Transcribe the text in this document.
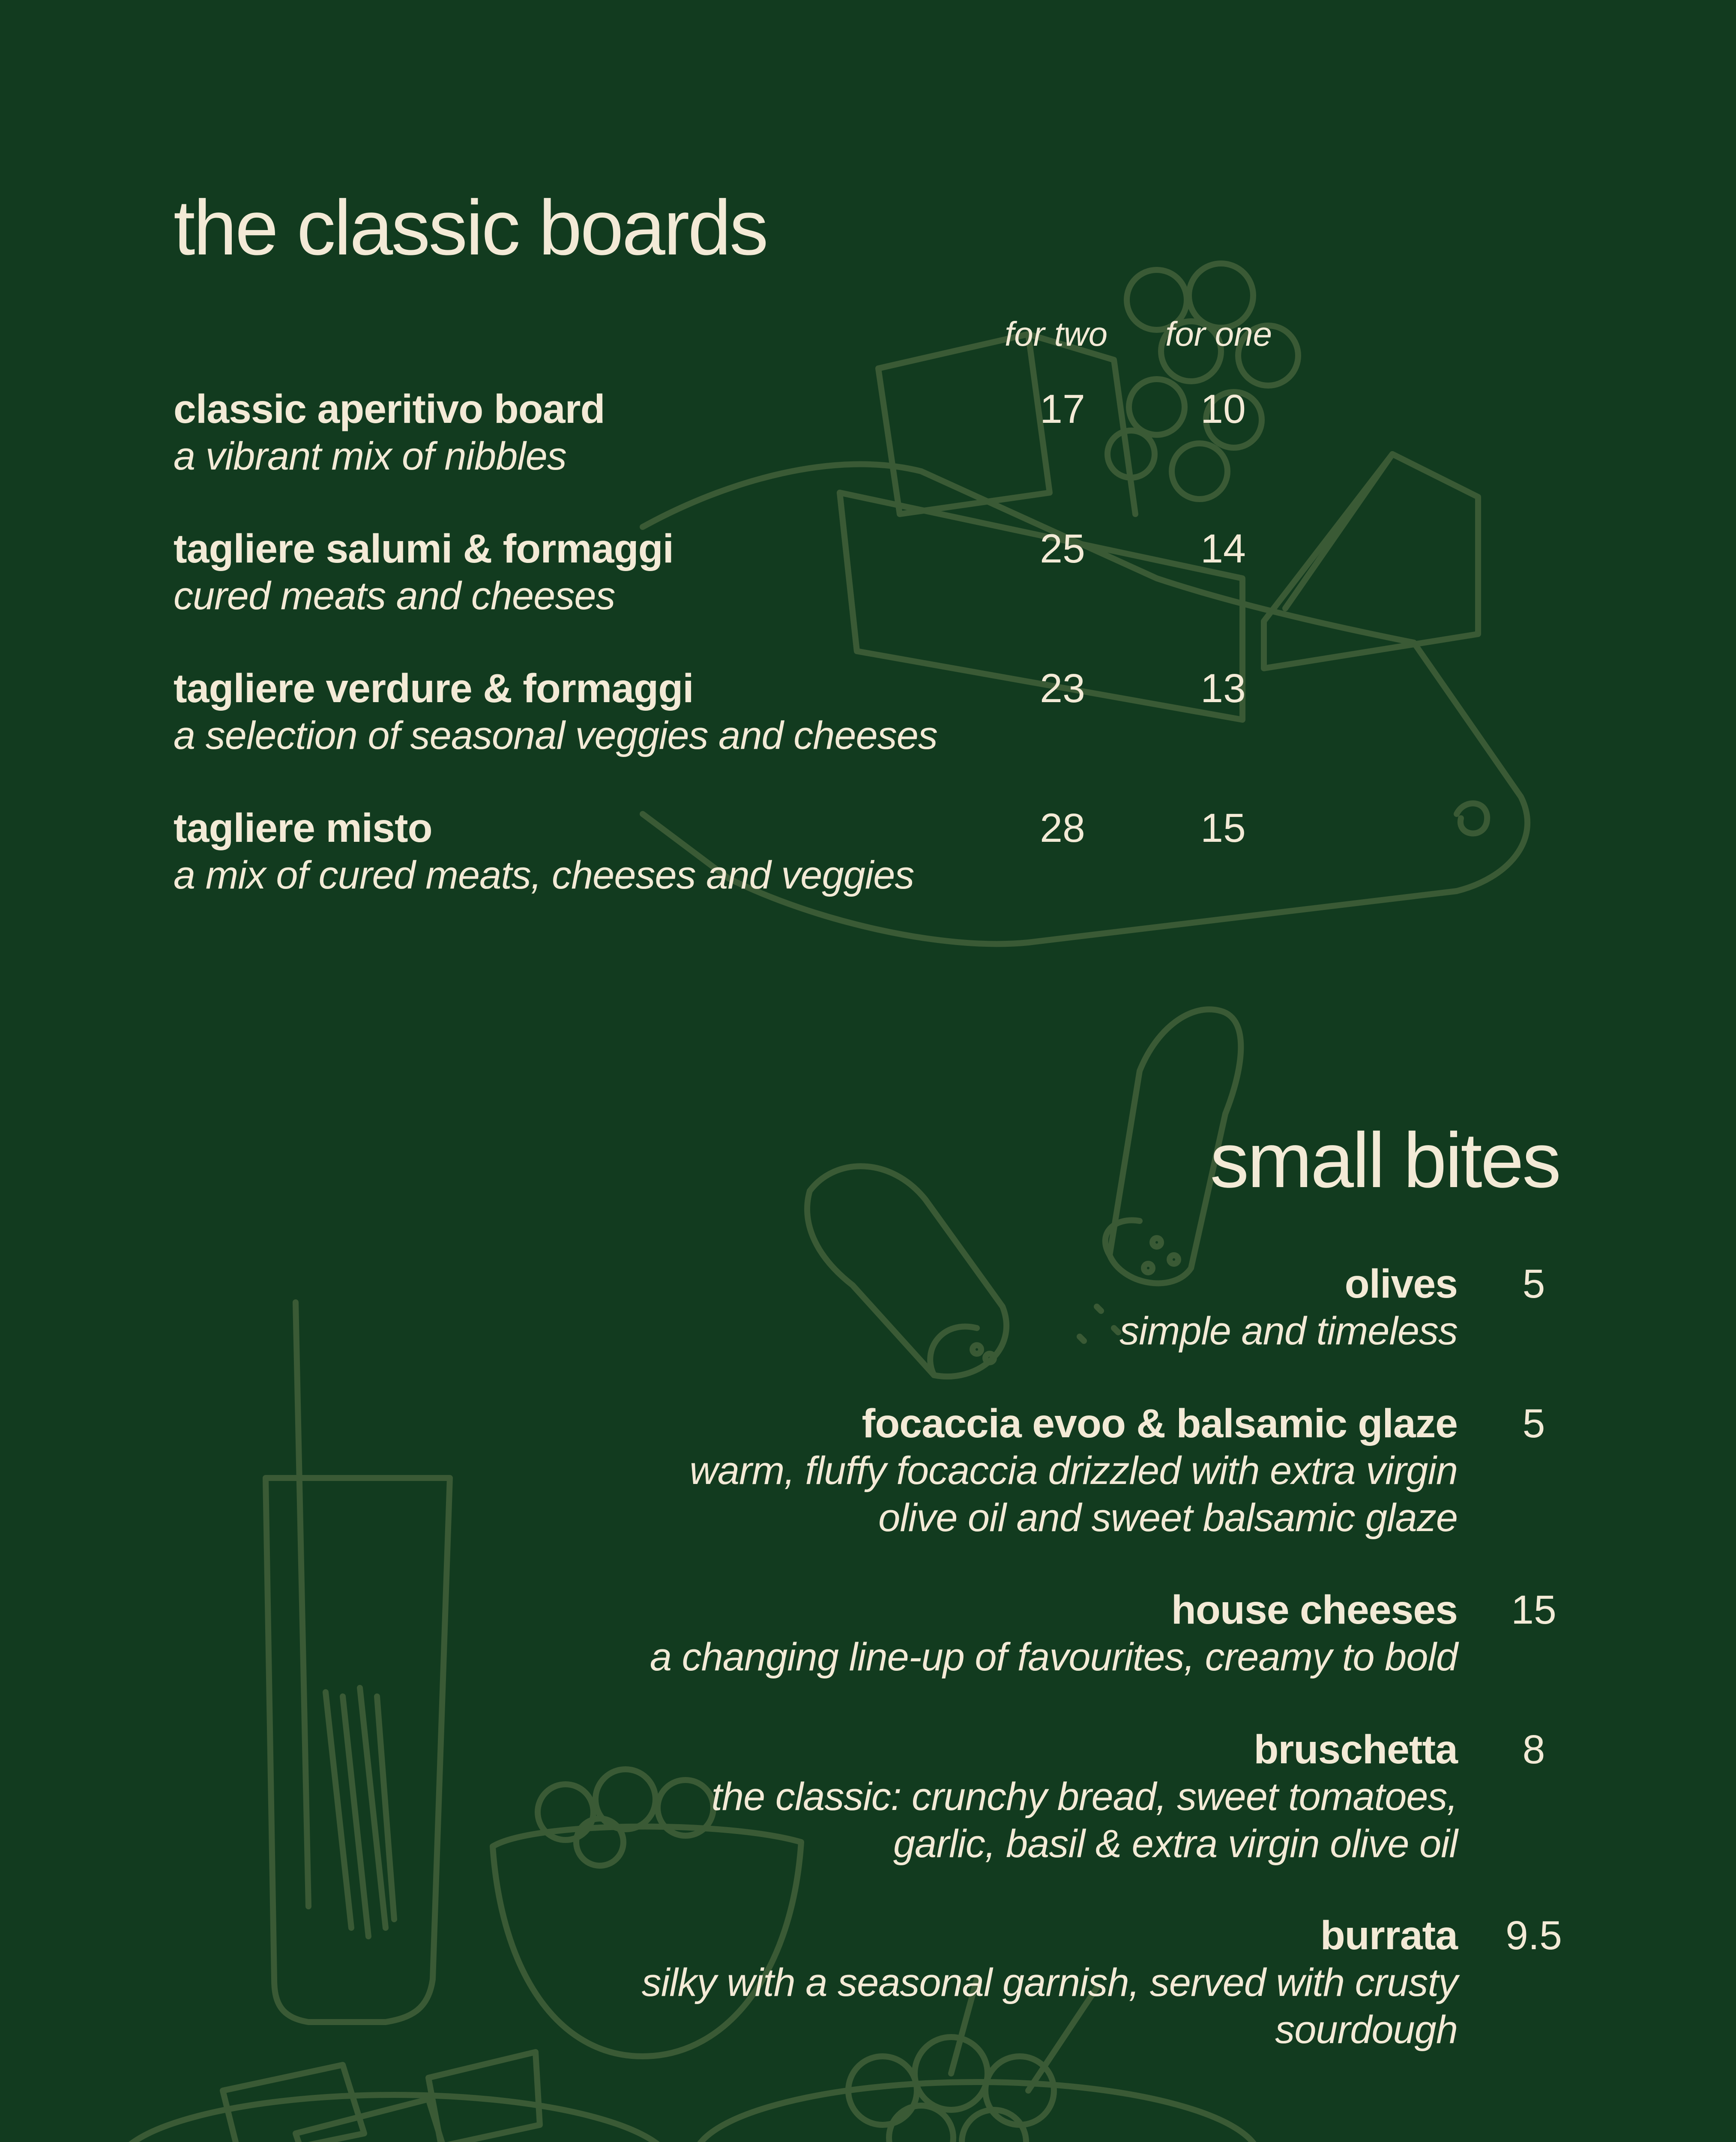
the classic boards
for two for one
classic aperitivo board
a vibrant mix of nibbles
17	10
tagliere salumi & formaggi
cured meats and cheeses
25	14
tagliere verdure & formaggi
a selection of seasonal veggies and cheeses
23	13
tagliere misto
a mix of cured meats, cheeses and veggies
28	15
small bites
olives
simple and timeless
5
focaccia evoo & balsamic glaze
warm, fluffy focaccia drizzled with extra virgin
olive oil and sweet balsamic glaze
5
house cheeses
a changing line-up of favourites, creamy to bold
15
bruschetta
the classic: crunchy bread, sweet tomatoes,
garlic, basil & extra virgin olive oil
8
burrata
silky with a seasonal garnish, served with crusty
sourdough
9.5
